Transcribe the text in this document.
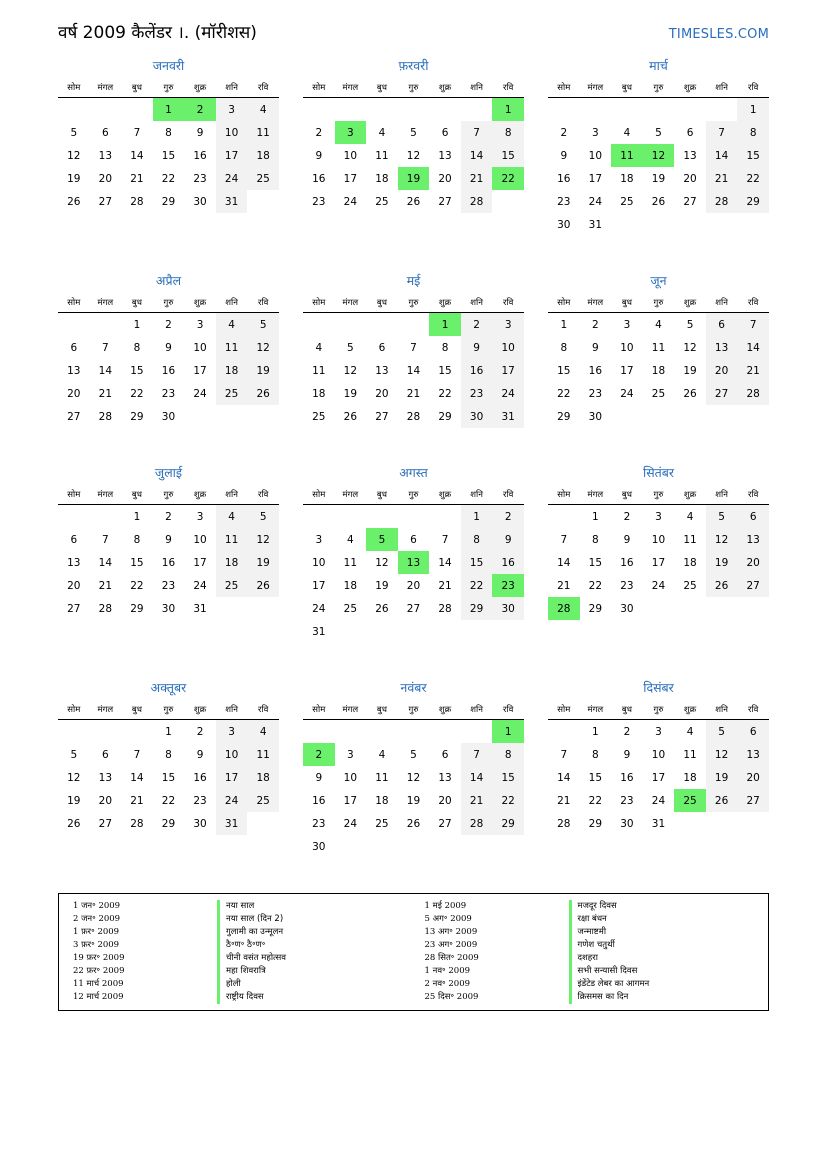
वर्ष 2009 कैलेंडर ।. (मॉरीशस)	TIMESLES.COM
जनवरी
सोम	मंगल	बुध	गुरु	शुक्र	शनि	रवि
			1	2	3	4
5	6	7	8	9	10	11
12	13	14	15	16	17	18
19	20	21	22	23	24	25
26	27	28	29	30	31	
फ़रवरी
सोम	मंगल	बुध	गुरु	शुक्र	शनि	रवि
						1
2	3	4	5	6	7	8
9	10	11	12	13	14	15
16	17	18	19	20	21	22
23	24	25	26	27	28	
मार्च
सोम	मंगल	बुध	गुरु	शुक्र	शनि	रवि
						1
2	3	4	5	6	7	8
9	10	11	12	13	14	15
16	17	18	19	20	21	22
23	24	25	26	27	28	29
30	31					
अप्रैल
सोम	मंगल	बुध	गुरु	शुक्र	शनि	रवि
		1	2	3	4	5
6	7	8	9	10	11	12
13	14	15	16	17	18	19
20	21	22	23	24	25	26
27	28	29	30			
मई
सोम	मंगल	बुध	गुरु	शुक्र	शनि	रवि
				1	2	3
4	5	6	7	8	9	10
11	12	13	14	15	16	17
18	19	20	21	22	23	24
25	26	27	28	29	30	31
जून
सोम	मंगल	बुध	गुरु	शुक्र	शनि	रवि
1	2	3	4	5	6	7
8	9	10	11	12	13	14
15	16	17	18	19	20	21
22	23	24	25	26	27	28
29	30					
जुलाई
सोम	मंगल	बुध	गुरु	शुक्र	शनि	रवि
		1	2	3	4	5
6	7	8	9	10	11	12
13	14	15	16	17	18	19
20	21	22	23	24	25	26
27	28	29	30	31		
अगस्त
सोम	मंगल	बुध	गुरु	शुक्र	शनि	रवि
					1	2
3	4	5	6	7	8	9
10	11	12	13	14	15	16
17	18	19	20	21	22	23
24	25	26	27	28	29	30
31						
सितंबर
सोम	मंगल	बुध	गुरु	शुक्र	शनि	रवि
	1	2	3	4	5	6
7	8	9	10	11	12	13
14	15	16	17	18	19	20
21	22	23	24	25	26	27
28	29	30				
अक्तूबर
सोम	मंगल	बुध	गुरु	शुक्र	शनि	रवि
			1	2	3	4
5	6	7	8	9	10	11
12	13	14	15	16	17	18
19	20	21	22	23	24	25
26	27	28	29	30	31	
नवंबर
सोम	मंगल	बुध	गुरु	शुक्र	शनि	रवि
						1
2	3	4	5	6	7	8
9	10	11	12	13	14	15
16	17	18	19	20	21	22
23	24	25	26	27	28	29
30						
दिसंबर
सोम	मंगल	बुध	गुरु	शुक्र	शनि	रवि
	1	2	3	4	5	6
7	8	9	10	11	12	13
14	15	16	17	18	19	20
21	22	23	24	25	26	27
28	29	30	31			
1 जन॰ 2009	नया साल
2 जन॰ 2009	नया साल (दिन 2)
1 फ़र॰ 2009	गुलामी का उन्मूलन
3 फ़र॰ 2009	ठै॰ण॰ ठै॰ण॰
19 फ़र॰ 2009	चीनी वसंत महोत्सव
22 फ़र॰ 2009	महा शिवरात्रि
11 मार्च 2009	होली
12 मार्च 2009	राष्ट्रीय दिवस
1 मई 2009	मजदूर दिवस
5 अग॰ 2009	रक्षा बंधन
13 अग॰ 2009	जन्माष्टमी
23 अग॰ 2009	गणेश चतुर्थी
28 सित॰ 2009	दशहरा
1 नव॰ 2009	सभी सन्यासी दिवस
2 नव॰ 2009	इंडेंटेड लेबर का आगमन
25 दिस॰ 2009	क्रिसमस का दिन
